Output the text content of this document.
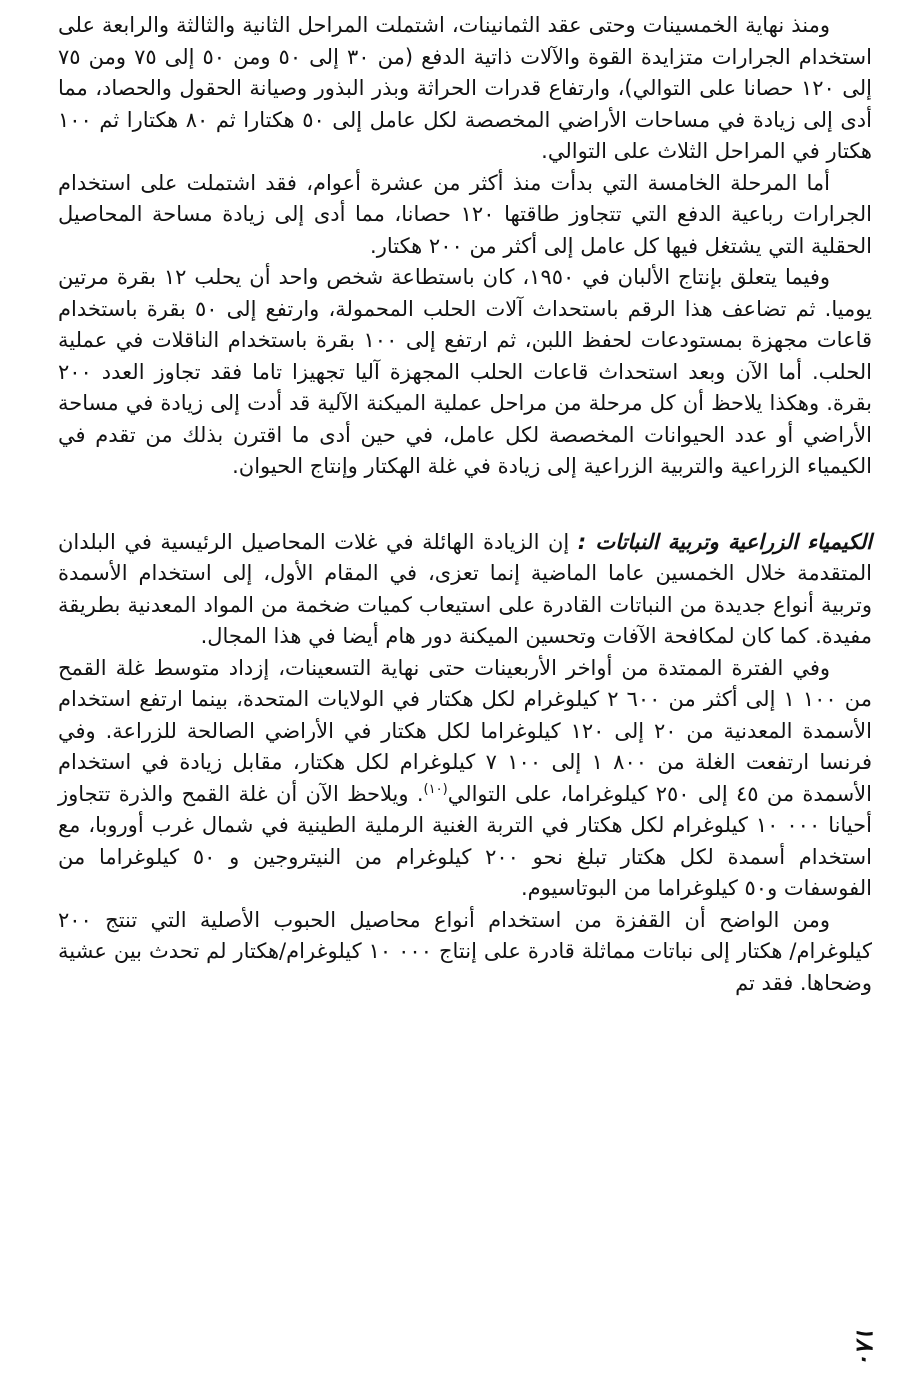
ومنذ نهاية الخمسينات وحتى عقد الثمانينات، اشتملت المراحل الثانية والثالثة والرابعة على استخدام الجرارات متزايدة القوة والآلات ذاتية الدفع (من ٣٠ إلى ٥٠ ومن ٥٠ إلى ٧٥ ومن ٧٥ إلى ١٢٠ حصانا على التوالي)، وارتفاع قدرات الحراثة وبذر البذور وصيانة الحقول والحصاد، مما أدى إلى زيادة في مساحات الأراضي المخصصة لكل عامل إلى ٥٠ هكتارا ثم ٨٠ هكتارا ثم ١٠٠ هكتار في المراحل الثلاث على التوالي.

أما المرحلة الخامسة التي بدأت منذ أكثر من عشرة أعوام، فقد اشتملت على استخدام الجرارات رباعية الدفع التي تتجاوز طاقتها ١٢٠ حصانا، مما أدى إلى زيادة مساحة المحاصيل الحقلية التي يشتغل فيها كل عامل إلى أكثر من ٢٠٠ هكتار.

وفيما يتعلق بإنتاج الألبان في ١٩٥٠، كان باستطاعة شخص واحد أن يحلب ١٢ بقرة مرتين يوميا. ثم تضاعف هذا الرقم باستحداث آلات الحلب المحمولة، وارتفع إلى ٥٠ بقرة باستخدام قاعات مجهزة بمستودعات لحفظ اللبن، ثم ارتفع إلى ١٠٠ بقرة باستخدام الناقلات في عملية الحلب. أما الآن وبعد استحداث قاعات الحلب المجهزة آليا تجهيزا تاما فقد تجاوز العدد ٢٠٠ بقرة. وهكذا يلاحظ أن كل مرحلة من مراحل عملية الميكنة الآلية قد أدت إلى زيادة في مساحة الأراضي أو عدد الحيوانات المخصصة لكل عامل، في حين أدى ما اقترن بذلك من تقدم في الكيمياء الزراعية والتربية الزراعية إلى زيادة في غلة الهكتار وإنتاج الحيوان.

الكيمياء الزراعية وتربية النباتات : إن الزيادة الهائلة في غلات المحاصيل الرئيسية في البلدان المتقدمة خلال الخمسين عاما الماضية إنما تعزى، في المقام الأول، إلى استخدام الأسمدة وتربية أنواع جديدة من النباتات القادرة على استيعاب كميات ضخمة من المواد المعدنية بطريقة مفيدة. كما كان لمكافحة الآفات وتحسين الميكنة دور هام أيضا في هذا المجال.

وفي الفترة الممتدة من أواخر الأربعينات حتى نهاية التسعينات، إزداد متوسط غلة القمح من ١ ١٠٠ إلى أكثر من ٢ ٦٠٠ كيلوغرام لكل هكتار في الولايات المتحدة، بينما ارتفع استخدام الأسمدة المعدنية من ٢٠ إلى ١٢٠ كيلوغراما لكل هكتار في الأراضي الصالحة للزراعة. وفي فرنسا ارتفعت الغلة من ١ ٨٠٠ إلى ٧ ١٠٠ كيلوغرام لكل هكتار، مقابل زيادة في استخدام الأسمدة من ٤٥ إلى ٢٥٠ كيلوغراما، على التوالي$^{(١٠)}$. ويلاحظ الآن أن غلة القمح والذرة تتجاوز أحيانا ١٠ ٠٠٠ كيلوغرام لكل هكتار في التربة الغنية الرملية الطينية في شمال غرب أوروبا، مع استخدام أسمدة لكل هكتار تبلغ نحو ٢٠٠ كيلوغرام من النيتروجين و ٥٠ كيلوغراما من الفوسفات و٥٠ كيلوغراما من البوتاسيوم.

ومن الواضح أن القفزة من استخدام أنواع محاصيل الحبوب الأصلية التي تنتج ٢٠٠ كيلوغرام/ هكتار إلى نباتات مماثلة قادرة على إنتاج ١٠ ٠٠٠ كيلوغرام/هكتار لم تحدث بين عشية وضحاها. فقد تم

١٨٠
